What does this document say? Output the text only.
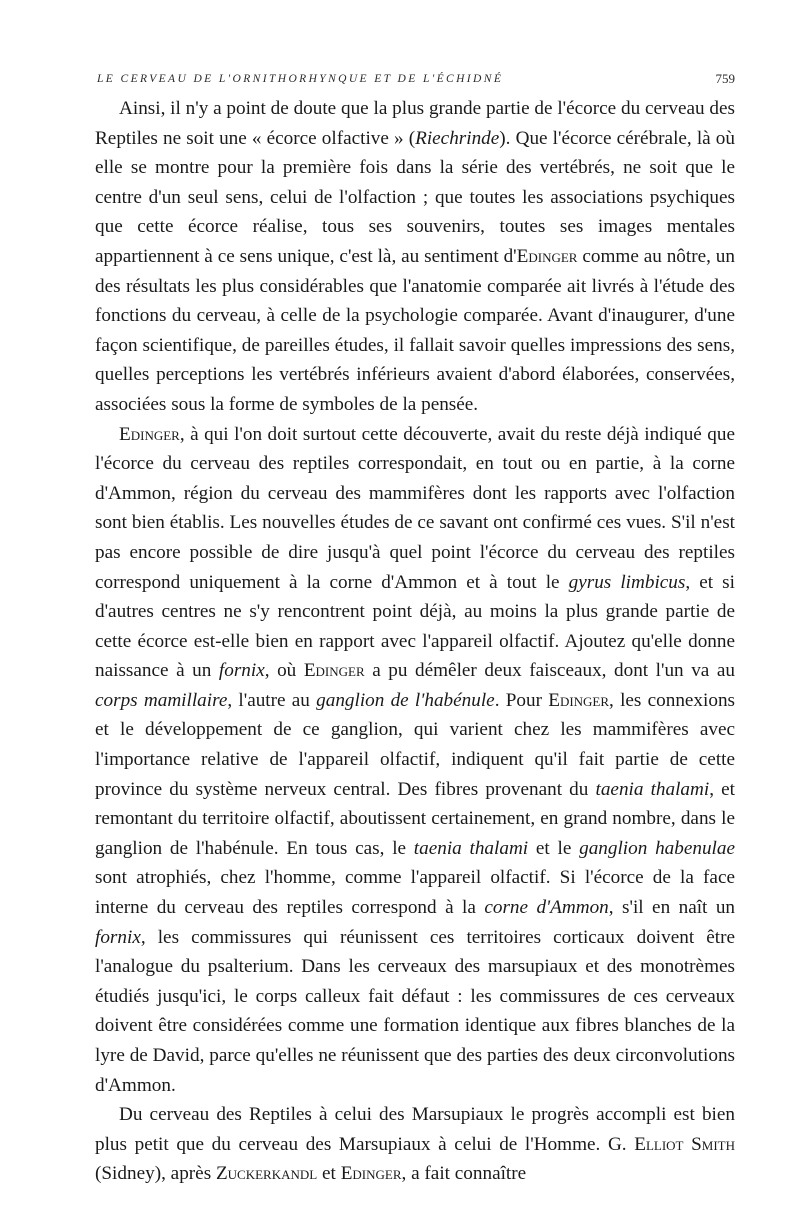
LE CERVEAU DE L'ORNITHORHYNQUE ET DE L'ÉCHIDNÉ	759

Ainsi, il n'y a point de doute que la plus grande partie de l'écorce du cerveau des Reptiles ne soit une « écorce olfactive » (Riechrinde). Que l'écorce cérébrale, là où elle se montre pour la première fois dans la série des vertébrés, ne soit que le centre d'un seul sens, celui de l'olfaction ; que toutes les associations psychiques que cette écorce réalise, tous ses souvenirs, toutes ses images mentales appartiennent à ce sens unique, c'est là, au sentiment d'Edinger comme au nôtre, un des résultats les plus considérables que l'anatomie comparée ait livrés à l'étude des fonctions du cerveau, à celle de la psychologie comparée. Avant d'inaugurer, d'une façon scientifique, de pareilles études, il fallait savoir quelles impressions des sens, quelles perceptions les vertébrés inférieurs avaient d'abord élaborées, conservées, associées sous la forme de symboles de la pensée.

Edinger, à qui l'on doit surtout cette découverte, avait du reste déjà indiqué que l'écorce du cerveau des reptiles correspondait, en tout ou en partie, à la corne d'Ammon, région du cerveau des mammifères dont les rapports avec l'olfaction sont bien établis. Les nouvelles études de ce savant ont confirmé ces vues. S'il n'est pas encore possible de dire jusqu'à quel point l'écorce du cerveau des reptiles correspond uniquement à la corne d'Ammon et à tout le gyrus limbicus, et si d'autres centres ne s'y rencontrent point déjà, au moins la plus grande partie de cette écorce est-elle bien en rapport avec l'appareil olfactif. Ajoutez qu'elle donne naissance à un fornix, où Edinger a pu démêler deux faisceaux, dont l'un va au corps mamillaire, l'autre au ganglion de l'habénule. Pour Edinger, les connexions et le développement de ce ganglion, qui varient chez les mammifères avec l'importance relative de l'appareil olfactif, indiquent qu'il fait partie de cette province du système nerveux central. Des fibres provenant du taenia thalami, et remontant du territoire olfactif, aboutissent certainement, en grand nombre, dans le ganglion de l'habénule. En tous cas, le taenia thalami et le ganglion habenulae sont atrophiés, chez l'homme, comme l'appareil olfactif. Si l'écorce de la face interne du cerveau des reptiles correspond à la corne d'Ammon, s'il en naît un fornix, les commissures qui réunissent ces territoires corticaux doivent être l'analogue du psalterium. Dans les cerveaux des marsupiaux et des monotrèmes étudiés jusqu'ici, le corps calleux fait défaut : les commissures de ces cerveaux doivent être considérées comme une formation identique aux fibres blanches de la lyre de David, parce qu'elles ne réunissent que des parties des deux circonvolutions d'Ammon.

Du cerveau des Reptiles à celui des Marsupiaux le progrès accompli est bien plus petit que du cerveau des Marsupiaux à celui de l'Homme. G. Elliot Smith (Sidney), après Zuckerkandl et Edinger, a fait connaître
